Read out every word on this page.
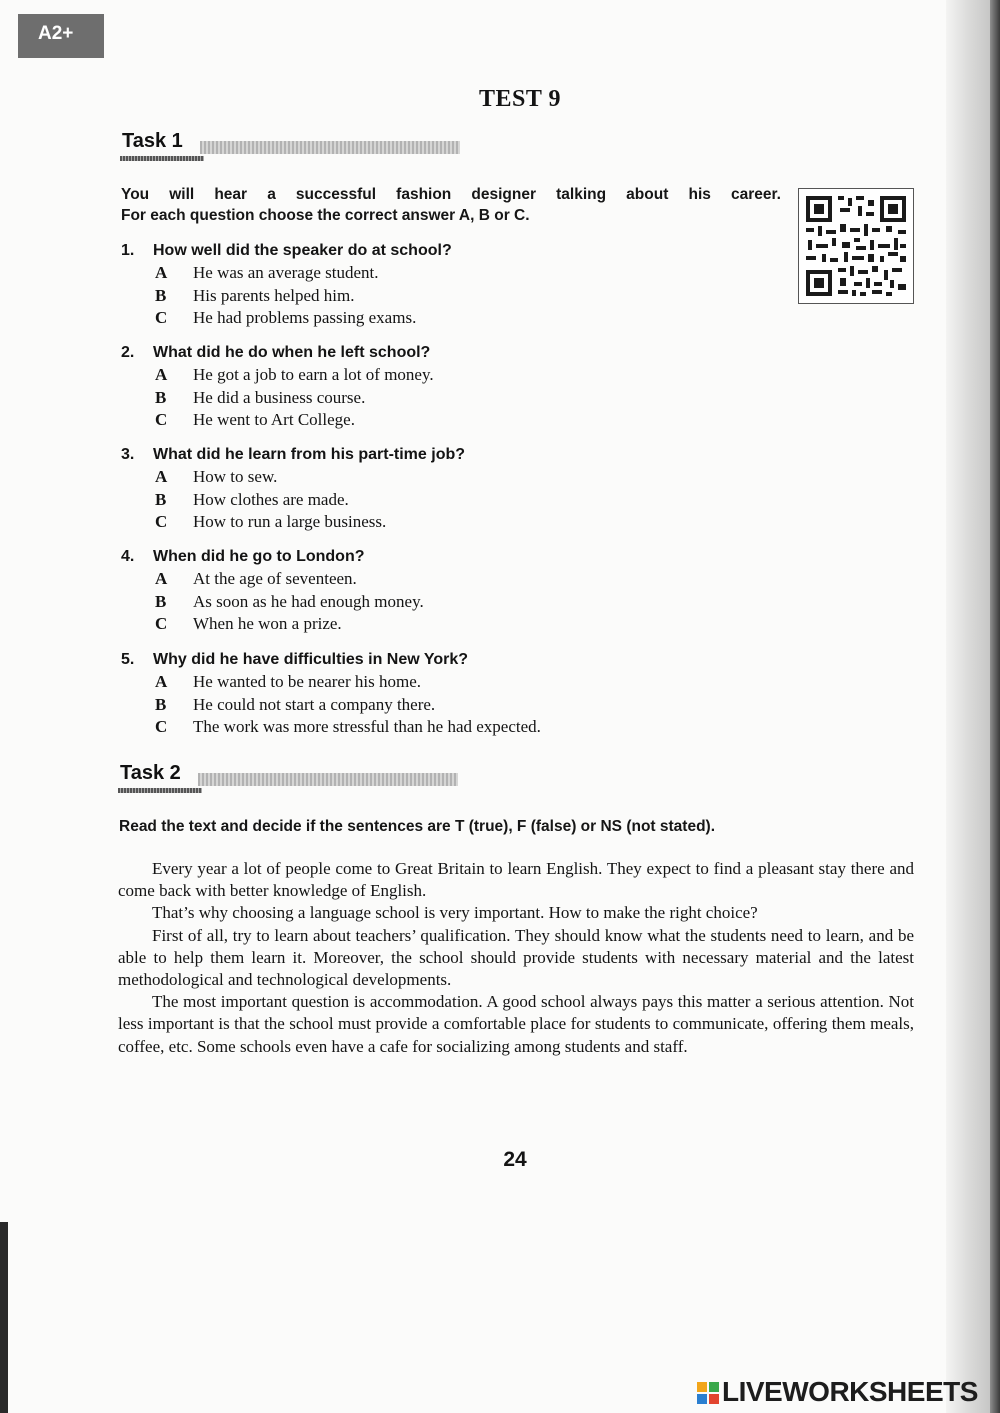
A2+
TEST 9
Task 1
You will hear a successful fashion designer talking about his career.
For each question choose the correct answer A, B or C.
1. How well did the speaker do at school?
A He was an average student.
B His parents helped him.
C He had problems passing exams.
2. What did he do when he left school?
A He got a job to earn a lot of money.
B He did a business course.
C He went to Art College.
3. What did he learn from his part-time job?
A How to sew.
B How clothes are made.
C How to run a large business.
4. When did he go to London?
A At the age of seventeen.
B As soon as he had enough money.
C When he won a prize.
5. Why did he have difficulties in New York?
A He wanted to be nearer his home.
B He could not start a company there.
C The work was more stressful than he had expected.
Task 2
Read the text and decide if the sentences are T (true), F (false) or NS (not stated).

Every year a lot of people come to Great Britain to learn English. They expect to find a pleasant stay there and come back with better knowledge of English.

That’s why choosing a language school is very important. How to make the right choice?

First of all, try to learn about teachers’ qualification. They should know what the students need to learn, and be able to help them learn it. Moreover, the school should provide students with necessary material and the latest methodological and technological developments.

The most important question is accommodation. A good school always pays this matter a serious attention. Not less important is that the school must provide a comfortable place for students to communicate, offering them meals, coffee, etc. Some schools even have a cafe for socializing among students and staff.

24
LIVEWORKSHEETS
